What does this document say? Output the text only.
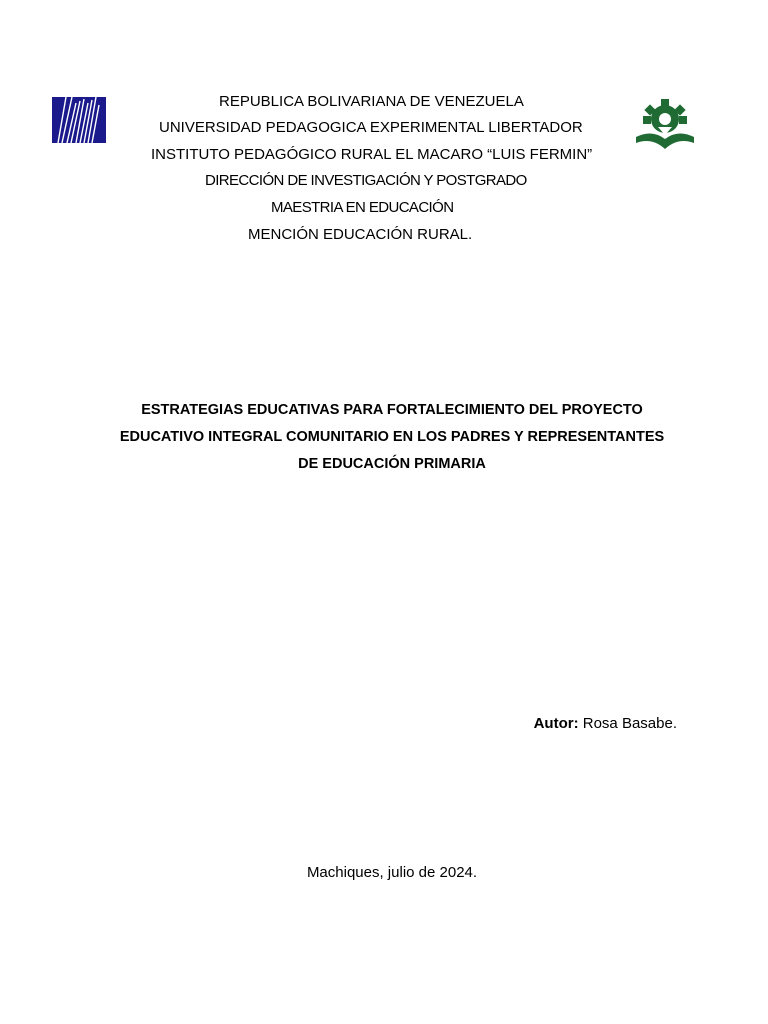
REPUBLICA BOLIVARIANA DE VENEZUELA
UNIVERSIDAD PEDAGOGICA EXPERIMENTAL LIBERTADOR
INSTITUTO PEDAGÓGICO RURAL EL MACARO “LUIS FERMIN”
DIRECCIÓN DE INVESTIGACIÓN Y POSTGRADO
MAESTRIA EN EDUCACIÓN
MENCIÓN EDUCACIÓN RURAL.
ESTRATEGIAS EDUCATIVAS PARA FORTALECIMIENTO DEL PROYECTO
EDUCATIVO INTEGRAL COMUNITARIO EN LOS PADRES Y REPRESENTANTES
DE EDUCACIÓN PRIMARIA
Autor: Rosa Basabe.
Machiques, julio de 2024.
